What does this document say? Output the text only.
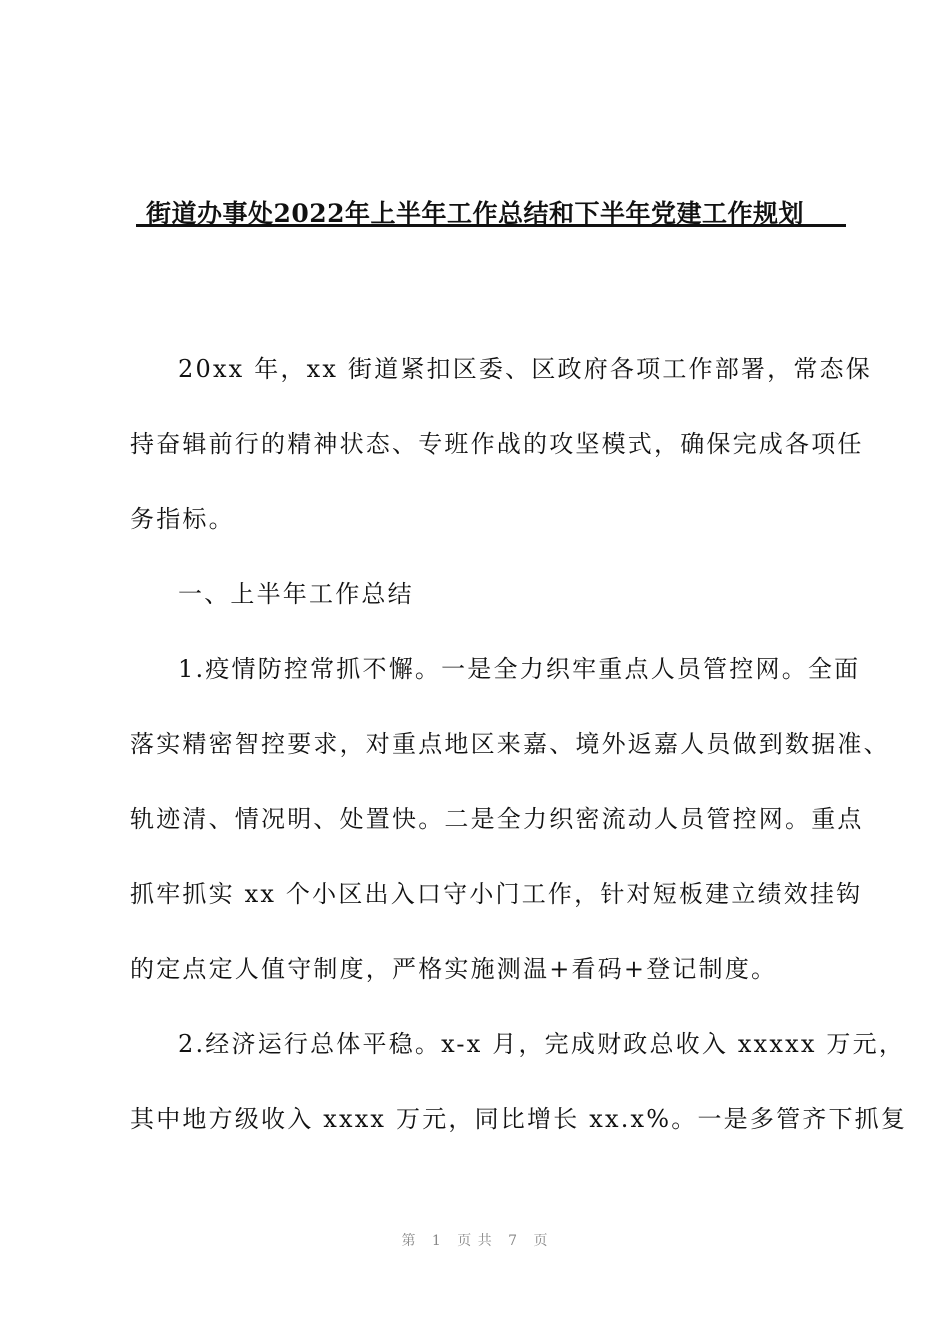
街道办事处2022年上半年工作总结和下半年党建工作规划
20xx 年，xx 街道紧扣区委、区政府各项工作部署，常态保
持奋辑前行的精神状态、专班作战的攻坚模式，确保完成各项任
务指标。
一、上半年工作总结
1.疫情防控常抓不懈。一是全力织牢重点人员管控网。全面
落实精密智控要求，对重点地区来嘉、境外返嘉人员做到数据准、
轨迹清、情况明、处置快。二是全力织密流动人员管控网。重点
抓牢抓实 xx 个小区出入口守小门工作，针对短板建立绩效挂钩
的定点定人值守制度，严格实施测温+看码+登记制度。
2.经济运行总体平稳。x-x 月，完成财政总收入 xxxxx 万元，
其中地方级收入 xxxx 万元，同比增长 xx.x%。一是多管齐下抓复
第 1 页 共 7 页
